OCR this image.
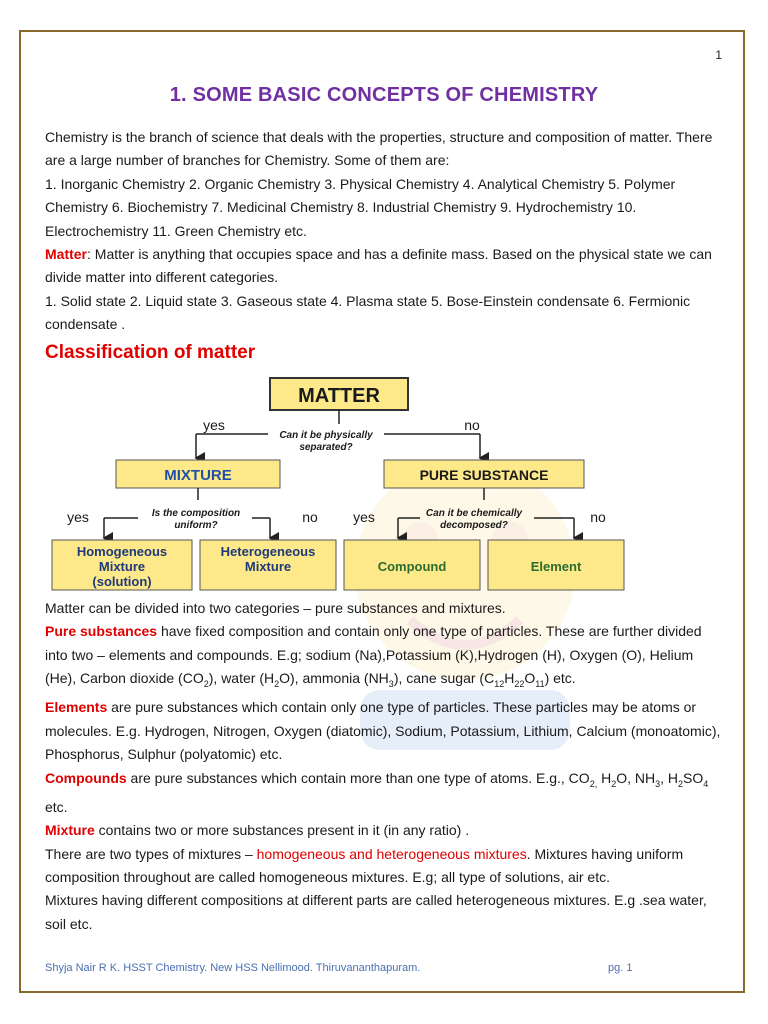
1
1. SOME BASIC CONCEPTS OF CHEMISTRY
Chemistry is the branch of science that deals with the properties, structure and composition of matter. There are a large number of branches for Chemistry. Some of them are:
1. Inorganic Chemistry 2. Organic Chemistry 3. Physical Chemistry 4. Analytical Chemistry 5. Polymer Chemistry 6. Biochemistry 7. Medicinal Chemistry 8. Industrial Chemistry 9. Hydrochemistry 10. Electrochemistry 11. Green Chemistry etc.
Matter: Matter is anything that occupies space and has a definite mass. Based on the physical state we can divide matter into different categories.
1. Solid state 2. Liquid state 3. Gaseous state 4. Plasma state 5. Bose-Einstein condensate 6. Fermionic condensate .
Classification of matter
MATTER
Can it be physically
separated?
yes	no
MIXTURE	PURE SUBSTANCE
Is the composition
uniform?
yes	no	Can it be chemically
decomposed?
yes	no
Homogeneous
Mixture
(solution)
Heterogeneous
Mixture	Compound	Element
Matter can be divided into two categories – pure substances and mixtures.
Pure substances have fixed composition and contain only one type of particles. These are further divided into two – elements and compounds. E.g; sodium (Na),Potassium (K),Hydrogen (H), Oxygen (O), Helium (He), Carbon dioxide $(CO_2)$, water $(H_2O)$, ammonia $(NH_3)$, cane sugar $(C_{12}H_{22}O_{11})$ etc.
Elements are pure substances which contain only one type of particles. These particles may be atoms or molecules. E.g. Hydrogen, Nitrogen, Oxygen (diatomic), Sodium, Potassium, Lithium, Calcium (monoatomic), Phosphorus, Sulphur (polyatomic) etc.
Compounds are pure substances which contain more than one type of atoms. E.g., $CO_{2,}$ $H_2O$, $NH_3$, $H_2SO_4$ etc.
Mixture contains two or more substances present in it (in any ratio) .
There are two types of mixtures – homogeneous and heterogeneous mixtures. Mixtures having uniform composition throughout are called homogeneous mixtures. E.g; all type of solutions, air etc.
Mixtures having different compositions at different parts are called heterogeneous mixtures. E.g .sea water, soil etc.
Shyja Nair R K. HSST Chemistry. New HSS Nellimood. Thiruvananthapuram.	pg. 1
